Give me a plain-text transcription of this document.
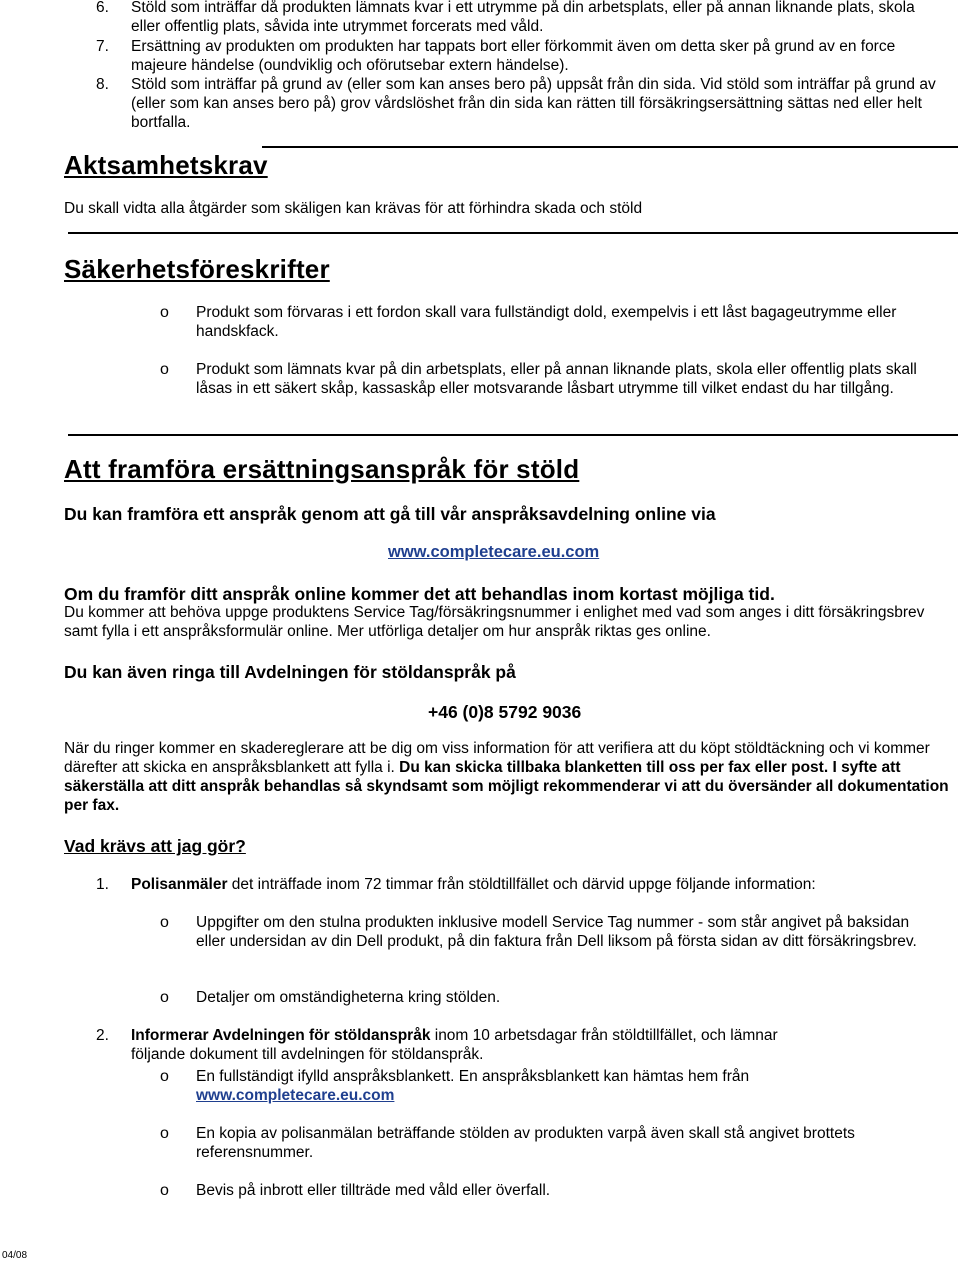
6.	Stöld som inträffar då produkten lämnats kvar i ett utrymme på din arbetsplats, eller på annan liknande plats, skola eller offentlig plats, såvida inte utrymmet forcerats med våld.
7.	Ersättning av produkten om produkten har tappats bort eller förkommit även om detta sker på grund av en force majeure händelse (oundviklig och oförutsebar extern händelse).
8.	Stöld som inträffar på grund av (eller som kan anses bero på) uppsåt från din sida. Vid stöld som inträffar på grund av (eller som kan anses bero på) grov vårdslöshet från din sida kan rätten till försäkringsersättning sättas ned eller helt bortfalla.
Aktsamhetskrav
Du skall vidta alla åtgärder som skäligen kan krävas för att förhindra skada och stöld
Säkerhetsföreskrifter
o Produkt som förvaras i ett fordon skall vara fullständigt dold, exempelvis i ett låst bagageutrymme eller handskfack.
o Produkt som lämnats kvar på din arbetsplats, eller på annan liknande plats, skola eller offentlig plats skall låsas in ett säkert skåp, kassaskåp eller motsvarande låsbart utrymme till vilket endast du har tillgång.
Att framföra ersättningsanspråk för stöld
Du kan framföra ett anspråk genom att gå till vår anspråksavdelning online via
www.completecare.eu.com
Om du framför ditt anspråk online kommer det att behandlas inom kortast möjliga tid.
Du kommer att behöva uppge produktens Service Tag/försäkringsnummer i enlighet med vad som anges i ditt försäkringsbrev samt fylla i ett anspråksformulär online. Mer utförliga detaljer om hur anspråk riktas ges online.
Du kan även ringa till Avdelningen för stöldanspråk på
+46 (0)8 5792 9036
När du ringer kommer en skadereglerare att be dig om viss information för att verifiera att du köpt stöldtäckning och vi kommer därefter att skicka en anspråksblankett att fylla i. Du kan skicka tillbaka blanketten till oss per fax eller post. I syfte att säkerställa att ditt anspråk behandlas så skyndsamt som möjligt rekommenderar vi att du översänder all dokumentation per fax.
Vad krävs att jag gör?
1.	Polisanmäler det inträffade inom 72 timmar från stöldtillfället och därvid uppge följande information:
o Uppgifter om den stulna produkten inklusive modell Service Tag nummer - som står angivet på baksidan eller undersidan av din Dell produkt, på din faktura från Dell liksom på första sidan av ditt försäkringsbrev.
o Detaljer om omständigheterna kring stölden.
2.	Informerar Avdelningen för stöldanspråk inom 10 arbetsdagar från stöldtillfället, och lämnar följande dokument till avdelningen för stöldanspråk.
o En fullständigt ifylld anspråksblankett. En anspråksblankett kan hämtas hem från
www.completecare.eu.com
o En kopia av polisanmälan beträffande stölden av produkten varpå även skall stå angivet brottets referensnummer.
o Bevis på inbrott eller tillträde med våld eller överfall.
04/08
